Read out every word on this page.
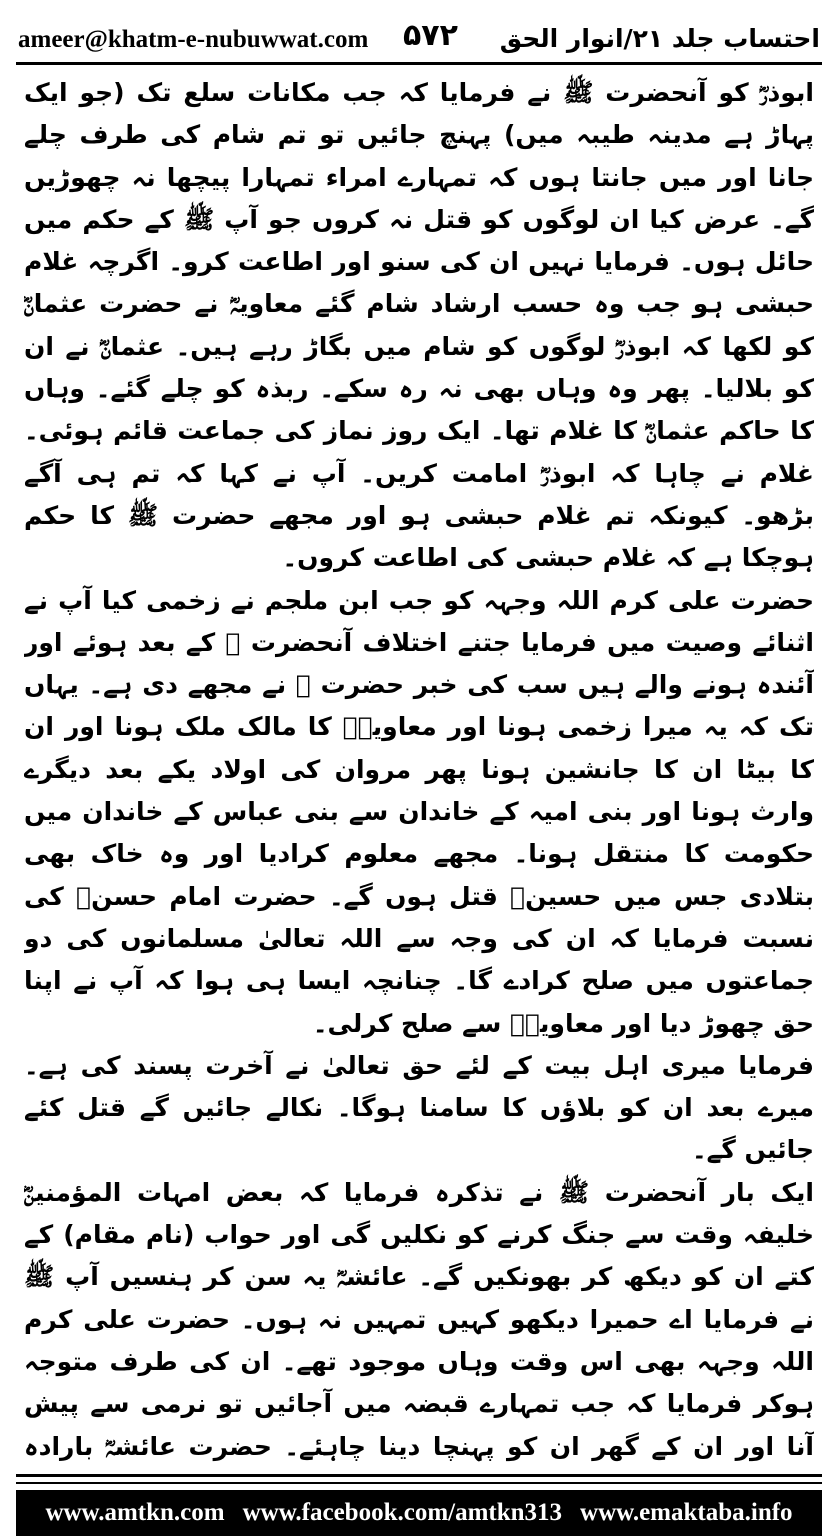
ameer@khatm-e-nubuwwat.com ۵۷۲ احتساب جلد ۲۱/انوار الحق

ابوذرؓ کو آنحضرت ﷺ نے فرمایا کہ جب مکانات سلع تک (جو ایک پہاڑ ہے مدینہ طیبہ میں) پہنچ جائیں تو تم شام کی طرف چلے جانا اور میں جانتا ہوں کہ تمہارے امراء تمہارا پیچھا نہ چھوڑیں گے۔ عرض کیا ان لوگوں کو قتل نہ کروں جو آپ ﷺ کے حکم میں حائل ہوں۔ فرمایا نہیں ان کی سنو اور اطاعت کرو۔ اگرچہ غلام حبشی ہو جب وہ حسب ارشاد شام گئے معاویہؓ نے حضرت عثمانؓ کو لکھا کہ ابوذرؓ لوگوں کو شام میں بگاڑ رہے ہیں۔ عثمانؓ نے ان کو بلالیا۔ پھر وہ وہاں بھی نہ رہ سکے۔ ربذہ کو چلے گئے۔ وہاں کا حاکم عثمانؓ کا غلام تھا۔ ایک روز نماز کی جماعت قائم ہوئی۔ غلام نے چاہا کہ ابوذرؓ امامت کریں۔ آپ نے کہا کہ تم ہی آگے بڑھو۔ کیونکہ تم غلام حبشی ہو اور مجھے حضرت ﷺ کا حکم ہوچکا ہے کہ غلام حبشی کی اطاعت کروں۔

حضرت علی کرم اللہ وجہہ کو جب ابن ملجم نے زخمی کیا آپ نے اثنائے وصیت میں فرمایا جتنے اختلاف آنحضرت ﷺ کے بعد ہوئے اور آئندہ ہونے والے ہیں سب کی خبر حضرت ﷺ نے مجھے دی ہے۔ یہاں تک کہ یہ میرا زخمی ہونا اور معاویہؓ کا مالک ملک ہونا اور ان کا بیٹا ان کا جانشین ہونا پھر مروان کی اولاد یکے بعد دیگرے وارث ہونا اور بنی امیہ کے خاندان سے بنی عباس کے خاندان میں حکومت کا منتقل ہونا۔ مجھے معلوم کرادیا اور وہ خاک بھی بتلادی جس میں حسینؓ قتل ہوں گے۔ حضرت امام حسنؓ کی نسبت فرمایا کہ ان کی وجہ سے اللہ تعالیٰ مسلمانوں کی دو جماعتوں میں صلح کرادے گا۔ چنانچہ ایسا ہی ہوا کہ آپ نے اپنا حق چھوڑ دیا اور معاویہؓ سے صلح کرلی۔

فرمایا میری اہل بیت کے لئے حق تعالیٰ نے آخرت پسند کی ہے۔ میرے بعد ان کو بلاؤں کا سامنا ہوگا۔ نکالے جائیں گے قتل کئے جائیں گے۔

ایک بار آنحضرت ﷺ نے تذکرہ فرمایا کہ بعض امہات المؤمنینؓ خلیفہ وقت سے جنگ کرنے کو نکلیں گی اور حواب (نام مقام) کے کتے ان کو دیکھ کر بھونکیں گے۔ عائشہؓ یہ سن کر ہنسیں آپ ﷺ نے فرمایا اے حمیرا دیکھو کہیں تمہیں نہ ہوں۔ حضرت علی کرم اللہ وجہہ بھی اس وقت وہاں موجود تھے۔ ان کی طرف متوجہ ہوکر فرمایا کہ جب تمہارے قبضہ میں آجائیں تو نرمی سے پیش آنا اور ان کے گھر ان کو پہنچا دینا چاہئے۔ حضرت عائشہؓ بارادہ

www.amtkn.com www.facebook.com/amtkn313 www.emaktaba.info
